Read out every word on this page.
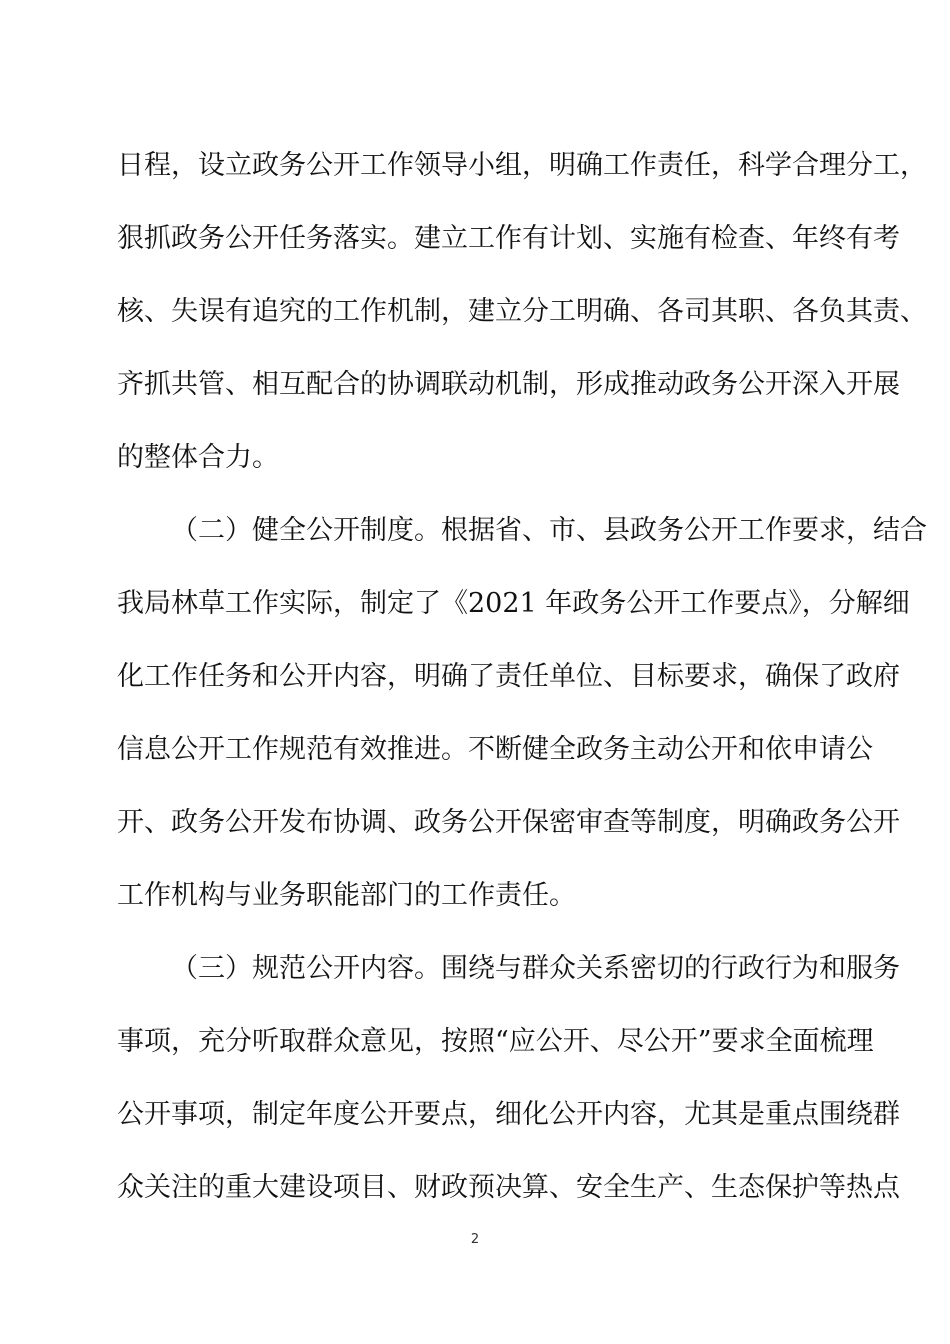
日程，设立政务公开工作领导小组，明确工作责任，科学合理分工，
狠抓政务公开任务落实。建立工作有计划、实施有检查、年终有考
核、失误有追究的工作机制，建立分工明确、各司其职、各负其责、
齐抓共管、相互配合的协调联动机制，形成推动政务公开深入开展
的整体合力。
（二）健全公开制度。根据省、市、县政务公开工作要求，结合
我局林草工作实际，制定了《2021 年政务公开工作要点》，分解细
化工作任务和公开内容，明确了责任单位、目标要求，确保了政府
信息公开工作规范有效推进。不断健全政务主动公开和依申请公
开、政务公开发布协调、政务公开保密审查等制度，明确政务公开
工作机构与业务职能部门的工作责任。
（三）规范公开内容。围绕与群众关系密切的行政行为和服务
事项，充分听取群众意见，按照“应公开、尽公开”要求全面梳理
公开事项，制定年度公开要点，细化公开内容，尤其是重点围绕群
众关注的重大建设项目、财政预决算、安全生产、生态保护等热点
2
